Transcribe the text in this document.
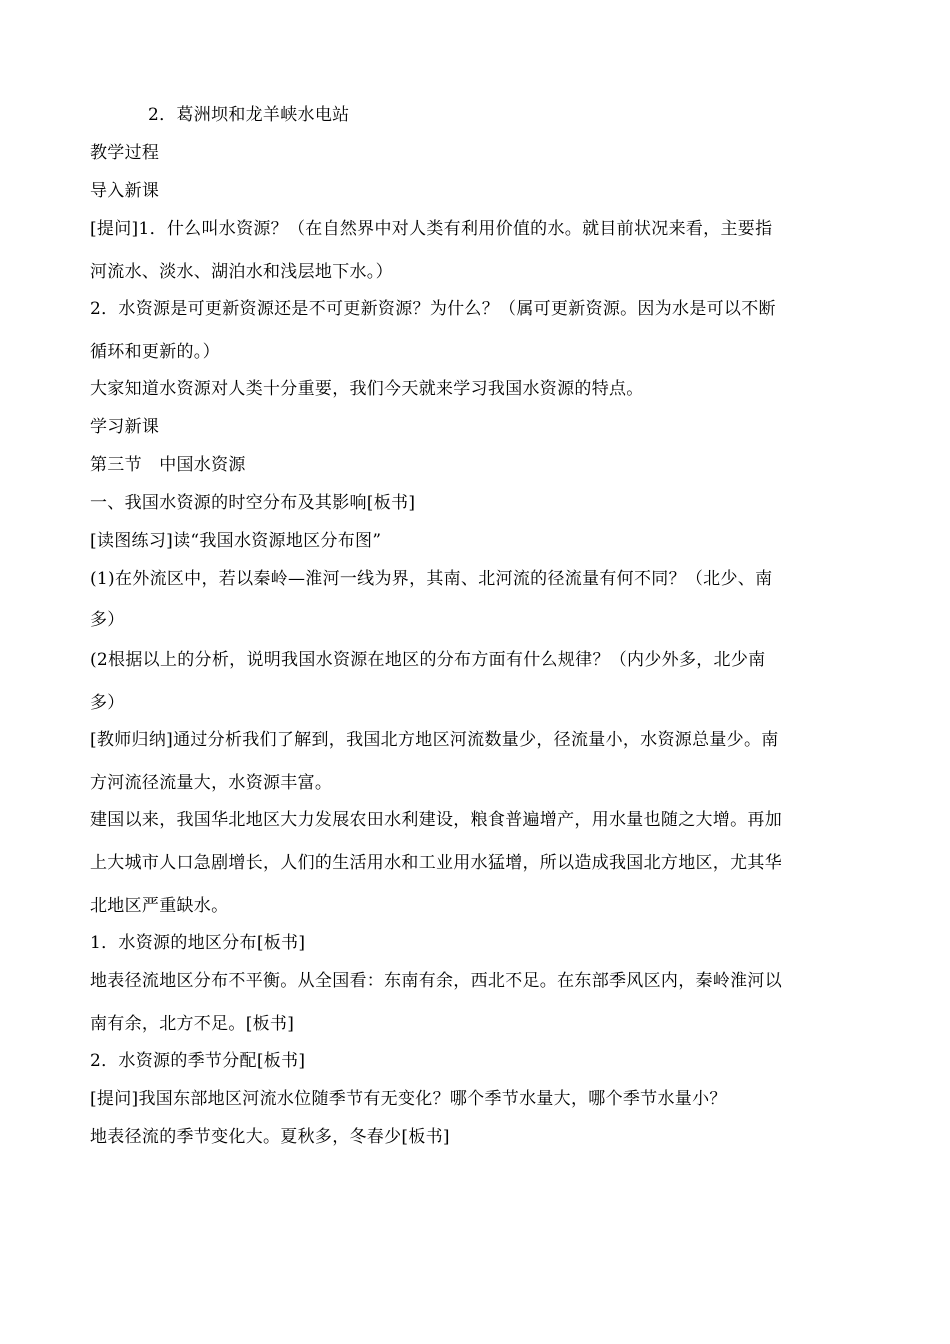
2．葛洲坝和龙羊峡水电站
教学过程
导入新课
[提问]1．什么叫水资源？（在自然界中对人类有利用价值的水。就目前状况来看，主要指
河流水、淡水、湖泊水和浅层地下水。）
2．水资源是可更新资源还是不可更新资源？为什么？（属可更新资源。因为水是可以不断
循环和更新的。）
大家知道水资源对人类十分重要，我们今天就来学习我国水资源的特点。
学习新课
第三节　中国水资源
一、我国水资源的时空分布及其影响[板书]
[读图练习]读“我国水资源地区分布图”
(1)在外流区中，若以秦岭—淮河一线为界，其南、北河流的径流量有何不同？（北少、南
多）
(2根据以上的分析，说明我国水资源在地区的分布方面有什么规律？（内少外多，北少南
多）
[教师归纳]通过分析我们了解到，我国北方地区河流数量少，径流量小，水资源总量少。南
方河流径流量大，水资源丰富。
建国以来，我国华北地区大力发展农田水利建设，粮食普遍增产，用水量也随之大增。再加
上大城市人口急剧增长，人们的生活用水和工业用水猛增，所以造成我国北方地区，尤其华
北地区严重缺水。
1．水资源的地区分布[板书]
地表径流地区分布不平衡。从全国看：东南有余，西北不足。在东部季风区内，秦岭淮河以
南有余，北方不足。[板书]
2．水资源的季节分配[板书]
[提问]我国东部地区河流水位随季节有无变化？哪个季节水量大，哪个季节水量小？
地表径流的季节变化大。夏秋多，冬春少[板书]
